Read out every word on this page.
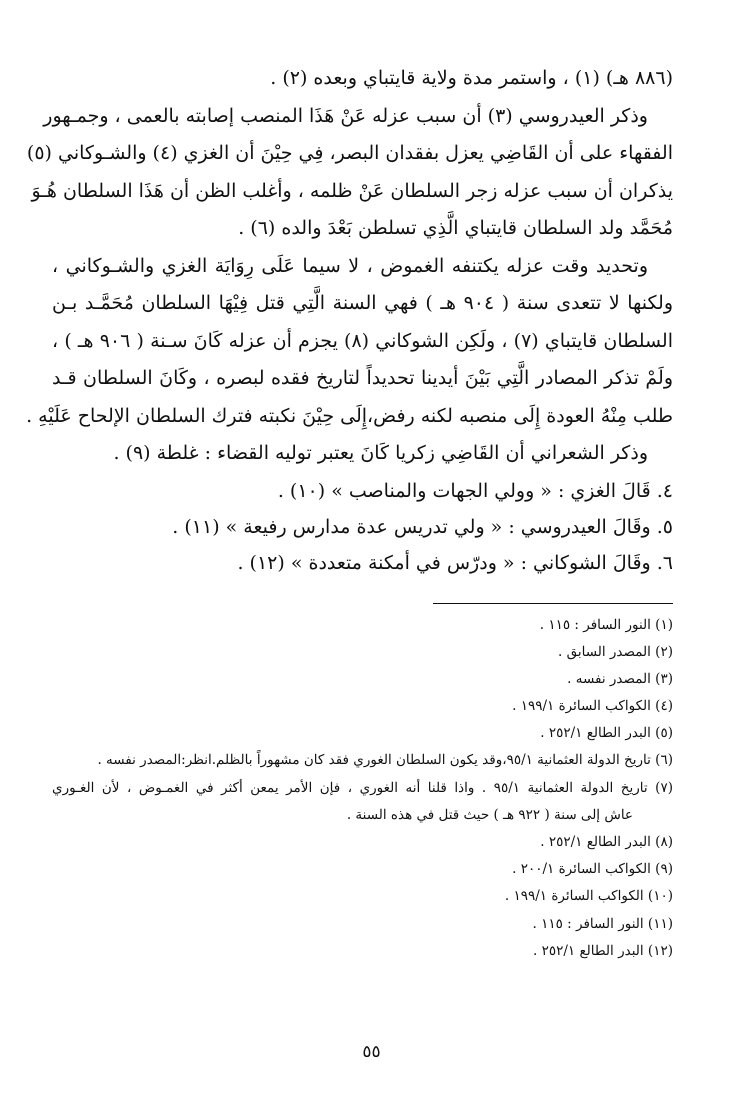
(٨٨٦ هـ) (١) ، واستمر مدة ولاية قايتباي وبعده (٢) .
وذكر العيدروسي (٣) أن سبب عزله عَنْ هَذَا المنصب إصابته بالعمى ، وجمـهور
الفقهاء على أن القَاضِي يعزل بفقدان البصر، فِي حِيْنَ أن الغزي (٤) والشـوكاني (٥)
يذكران أن سبب عزله زجر السلطان عَنْ ظلمه ، وأغلب الظن أن هَذَا السلطان هُـوَ
مُحَمَّد ولد السلطان قايتباي الَّذِي تسلطن بَعْدَ والده (٦) .
وتحديد وقت عزله يكتنفه الغموض ، لا سيما عَلَى رِوَايَة الغزي والشـوكاني ،
ولكنها لا تتعدى سنة ( ٩٠٤ هـ ) فهي السنة الَّتِي قتل فِيْهَا السلطان مُحَمَّـد بـن
السلطان قايتباي (٧) ، ولَكِن الشوكاني (٨) يجزم أن عزله كَانَ سـنة ( ٩٠٦ هـ ) ،
ولَمْ تذكر المصادر الَّتِي بَيْنَ أيدينا تحديداً لتاريخ فقده لبصره ، وكَانَ السلطان قـد
طلب مِنْهُ العودة إِلَى منصبه لكنه رفض،إِلَى حِيْنَ نكبته فترك السلطان الإلحاح عَلَيْهِ .
وذكر الشعراني أن القَاضِي زكريا كَانَ يعتبر توليه القضاء : غلطة (٩) .
٤. قَالَ الغزي : « وولي الجهات والمناصب » (١٠) .
٥. وقَالَ العيدروسي : « ولي تدريس عدة مدارس رفيعة » (١١) .
٦. وقَالَ الشوكاني : « ودرّس في أمكنة متعددة » (١٢) .
(١) النور السافر : ١١٥ .
(٢) المصدر السابق .
(٣) المصدر نفسه .
(٤) الكواكب السائرة ١٩٩/١ .
(٥) البدر الطالع ٢٥٢/١ .
(٦) تاريخ الدولة العثمانية ٩٥/١،وقد يكون السلطان الغوري فقد كان مشهوراً بالظلم.انظر:المصدر نفسه .
(٧) تاريخ الدولة العثمانية ٩٥/١ . واذا قلنا أنه الغوري ، فإن الأمر يمعن أكثر في الغمـوض ، لأن الغـوري
عاش إلى سنة ( ٩٢٢ هـ ) حيث قتل في هذه السنة .
(٨) البدر الطالع ٢٥٢/١ .
(٩) الكواكب السائرة ٢٠٠/١ .
(١٠) الكواكب السائرة ١٩٩/١ .
(١١) النور السافر : ١١٥ .
(١٢) البدر الطالع ٢٥٢/١ .
٥٥
